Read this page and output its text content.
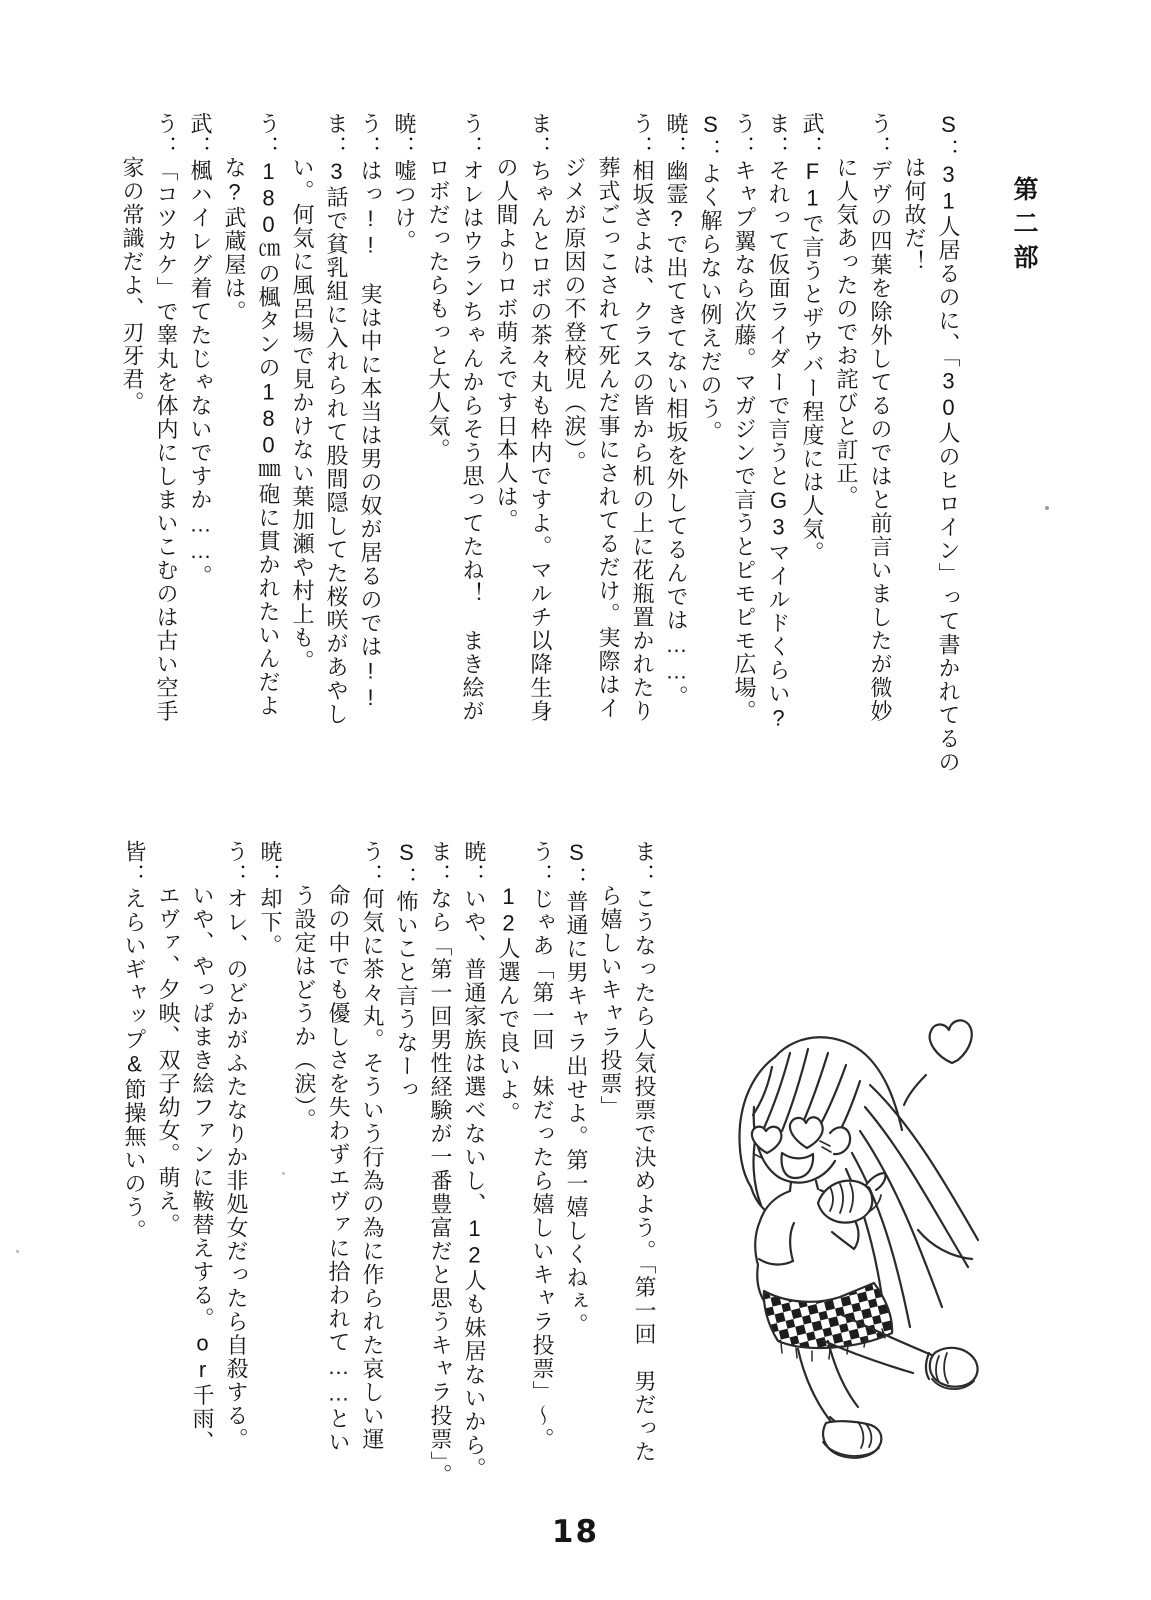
第二部
S：31人居るのに、「30人のヒロイン」って書かれてるの
は何故だ！
う：デヴの四葉を除外してるのではと前言いましたが微妙
に人気あったのでお詫びと訂正。
武：F1で言うとザウバー程度には人気。
ま：それって仮面ライダーで言うとG3マイルドくらい?
う：キャプ翼なら次藤。マガジンで言うとピモピモ広場。
S：よく解らない例えだのう。
暁：幽霊?で出てきてない相坂を外してるんでは……。
う：相坂さよは、クラスの皆から机の上に花瓶置かれたり
葬式ごっこされて死んだ事にされてるだけ。実際はイ
ジメが原因の不登校児（涙）。
ま：ちゃんとロボの茶々丸も枠内ですよ。マルチ以降生身
の人間よりロボ萌えです日本人は。
う：オレはウランちゃんからそう思ってたね！　まき絵が
ロボだったらもっと大人気。
暁：嘘つけ。
う：はっ!!　実は中に本当は男の奴が居るのでは!!
ま：3話で貧乳組に入れられて股間隠してた桜咲があやし
い。何気に風呂場で見かけない葉加瀬や村上も。
う：180㎝の楓タンの180㎜砲に貫かれたいんだよ
な?武蔵屋は。
武：楓ハイレグ着てたじゃないですか……。
う：「コツカケ」で睾丸を体内にしまいこむのは古い空手
家の常識だよ、刃牙君。
ま：こうなったら人気投票で決めよう。「第一回　男だった
ら嬉しいキャラ投票」
S：普通に男キャラ出せよ。第一嬉しくねぇ。
う：じゃあ「第一回　妹だったら嬉しいキャラ投票」～。
12人選んで良いよ。
暁：いや、普通家族は選べないし、12人も妹居ないから。
ま：なら「第一回男性経験が一番豊富だと思うキャラ投票」。
S：怖いこと言うなーっ
う：何気に茶々丸。そういう行為の為に作られた哀しい運
命の中でも優しさを失わずエヴァに拾われて……とい
う設定はどうか（涙）。
暁：却下。
う：オレ、のどかがふたなりか非処女だったら自殺する。
いや、やっぱまき絵ファンに鞍替えする。or千雨、
エヴァ、夕映、双子幼女。萌え。
皆：えらいギャップ&節操無いのう。
18
